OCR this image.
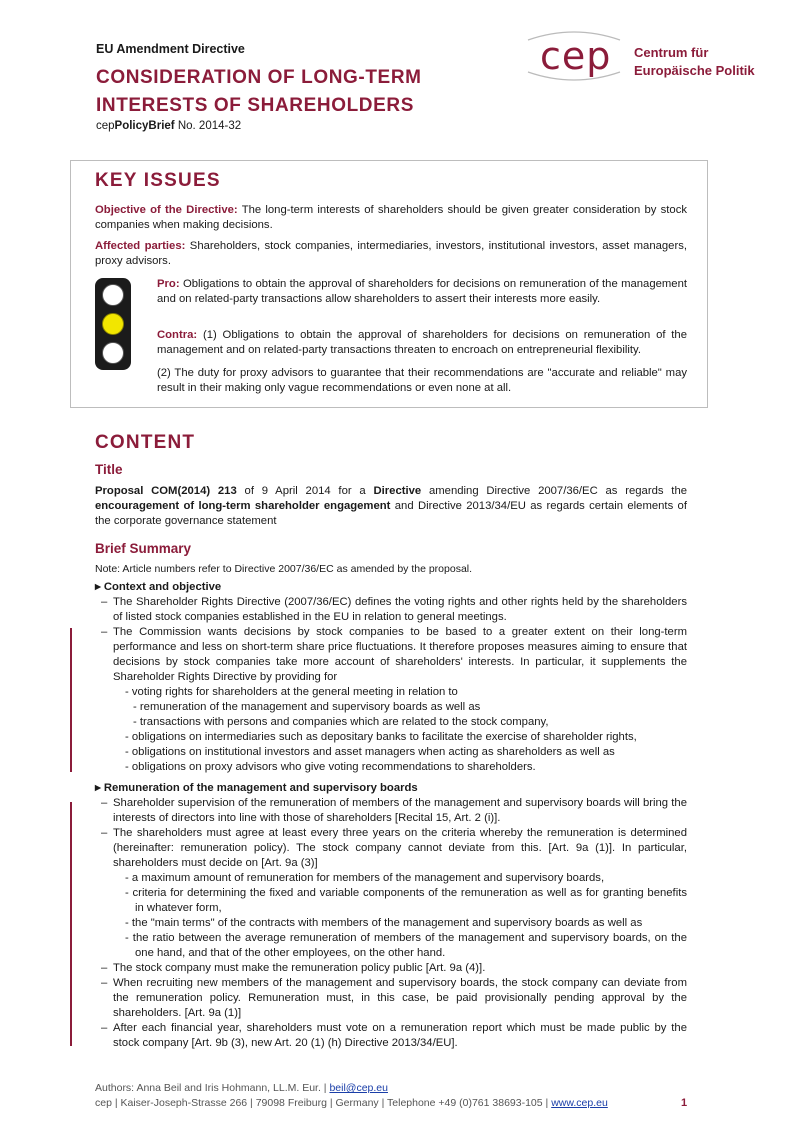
EU Amendment Directive
CONSIDERATION OF LONG-TERM
INTERESTS OF SHAREHOLDERS
cepPolicyBrief No. 2014-32
cep Centrum für
Europäische Politik
KEY ISSUES

Objective of the Directive: The long-term interests of shareholders should be given greater consideration by stock companies when making decisions.

Affected parties: Shareholders, stock companies, intermediaries, investors, institutional investors, asset managers, proxy advisors.

Pro: Obligations to obtain the approval of shareholders for decisions on remuneration of the management and on related-party transactions allow shareholders to assert their interests more easily.

Contra: (1) Obligations to obtain the approval of shareholders for decisions on remuneration of the management and on related-party transactions threaten to encroach on entrepreneurial flexibility.

(2) The duty for proxy advisors to guarantee that their recommendations are "accurate and reliable" may result in their making only vague recommendations or even none at all.

CONTENT
Title

Proposal COM(2014) 213 of 9 April 2014 for a Directive amending Directive 2007/36/EC as regards the encouragement of long-term shareholder engagement and Directive 2013/34/EU as regards certain elements of the corporate governance statement

Brief Summary
Note: Article numbers refer to Directive 2007/36/EC as amended by the proposal.
▸ Context and objective
– The Shareholder Rights Directive (2007/36/EC) defines the voting rights and other rights held by the shareholders of listed stock companies established in the EU in relation to general meetings.
– The Commission wants decisions by stock companies to be based to a greater extent on their long-term performance and less on short-term share price fluctuations. It therefore proposes measures aiming to ensure that decisions by stock companies take more account of shareholders' interests. In particular, it supplements the Shareholder Rights Directive by providing for
- voting rights for shareholders at the general meeting in relation to
- remuneration of the management and supervisory boards as well as
- transactions with persons and companies which are related to the stock company,
- obligations on intermediaries such as depositary banks to facilitate the exercise of shareholder rights,
- obligations on institutional investors and asset managers when acting as shareholders as well as
- obligations on proxy advisors who give voting recommendations to shareholders.
▸ Remuneration of the management and supervisory boards
– Shareholder supervision of the remuneration of members of the management and supervisory boards will bring the interests of directors into line with those of shareholders [Recital 15, Art. 2 (i)].
– The shareholders must agree at least every three years on the criteria whereby the remuneration is determined (hereinafter: remuneration policy). The stock company cannot deviate from this. [Art. 9a (1)]. In particular, shareholders must decide on [Art. 9a (3)]
- a maximum amount of remuneration for members of the management and supervisory boards,
- criteria for determining the fixed and variable components of the remuneration as well as for granting benefits in whatever form,
- the "main terms" of the contracts with members of the management and supervisory boards as well as
- the ratio between the average remuneration of members of the management and supervisory boards, on the one hand, and that of the other employees, on the other hand.
– The stock company must make the remuneration policy public [Art. 9a (4)].
– When recruiting new members of the management and supervisory boards, the stock company can deviate from the remuneration policy. Remuneration must, in this case, be paid provisionally pending approval by the shareholders. [Art. 9a (1)]
– After each financial year, shareholders must vote on a remuneration report which must be made public by the stock company [Art. 9b (3), new Art. 20 (1) (h) Directive 2013/34/EU].
Authors: Anna Beil and Iris Hohmann, LL.M. Eur. | beil@cep.eu
cep | Kaiser-Joseph-Strasse 266 | 79098 Freiburg | Germany | Telephone +49 (0)761 38693-105 | www.cep.eu	1
